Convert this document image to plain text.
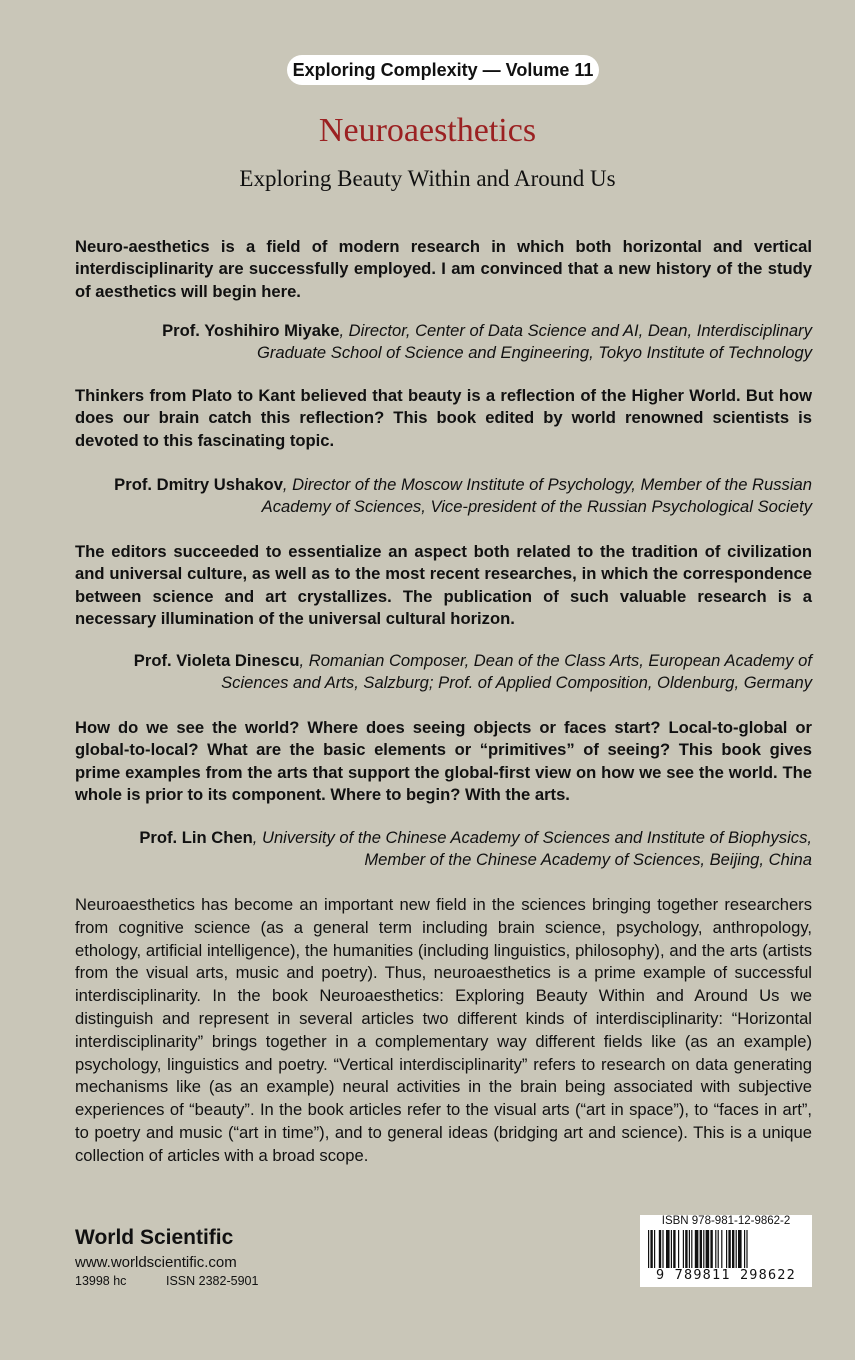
Exploring Complexity — Volume 11
Neuroaesthetics
Exploring Beauty Within and Around Us
Neuro-aesthetics is a field of modern research in which both horizontal and vertical interdisciplinarity are successfully employed. I am convinced that a new history of the study of aesthetics will begin here.
Prof. Yoshihiro Miyake, Director, Center of Data Science and AI, Dean, Interdisciplinary
Graduate School of Science and Engineering, Tokyo Institute of Technology
Thinkers from Plato to Kant believed that beauty is a reflection of the Higher World. But how does our brain catch this reflection? This book edited by world renowned scientists is devoted to this fascinating topic.
Prof. Dmitry Ushakov, Director of the Moscow Institute of Psychology, Member of the Russian
Academy of Sciences, Vice-president of the Russian Psychological Society
The editors succeeded to essentialize an aspect both related to the tradition of civilization and universal culture, as well as to the most recent researches, in which the correspondence between science and art crystallizes. The publication of such valuable research is a necessary illumination of the universal cultural horizon.
Prof. Violeta Dinescu, Romanian Composer, Dean of the Class Arts, European Academy of
Sciences and Arts, Salzburg; Prof. of Applied Composition, Oldenburg, Germany
How do we see the world? Where does seeing objects or faces start? Local-to-global or global-to-local? What are the basic elements or “primitives” of seeing? This book gives prime examples from the arts that support the global-first view on how we see the world. The whole is prior to its component. Where to begin? With the arts.
Prof. Lin Chen, University of the Chinese Academy of Sciences and Institute of Biophysics,
Member of the Chinese Academy of Sciences, Beijing, China
Neuroaesthetics has become an important new field in the sciences bringing together researchers from cognitive science (as a general term including brain science, psychology, anthropology, ethology, artificial intelligence), the humanities (including linguistics, philosophy), and the arts (artists from the visual arts, music and poetry). Thus, neuroaesthetics is a prime example of successful interdisciplinarity. In the book Neuroaesthetics: Exploring Beauty Within and Around Us we distinguish and represent in several articles two different kinds of interdisciplinarity: “Horizontal interdisciplinarity” brings together in a complementary way different fields like (as an example) psychology, linguistics and poetry. “Vertical interdisciplinarity” refers to research on data generating mechanisms like (as an example) neural activities in the brain being associated with subjective experiences of “beauty”. In the book articles refer to the visual arts (“art in space”), to “faces in art”, to poetry and music (“art in time”), and to general ideas (bridging art and science). This is a unique collection of articles with a broad scope.
World Scientific
www.worldscientific.com
13998 hc	ISSN 2382-5901
ISBN 978-981-12-9862-2
9 789811 298622
